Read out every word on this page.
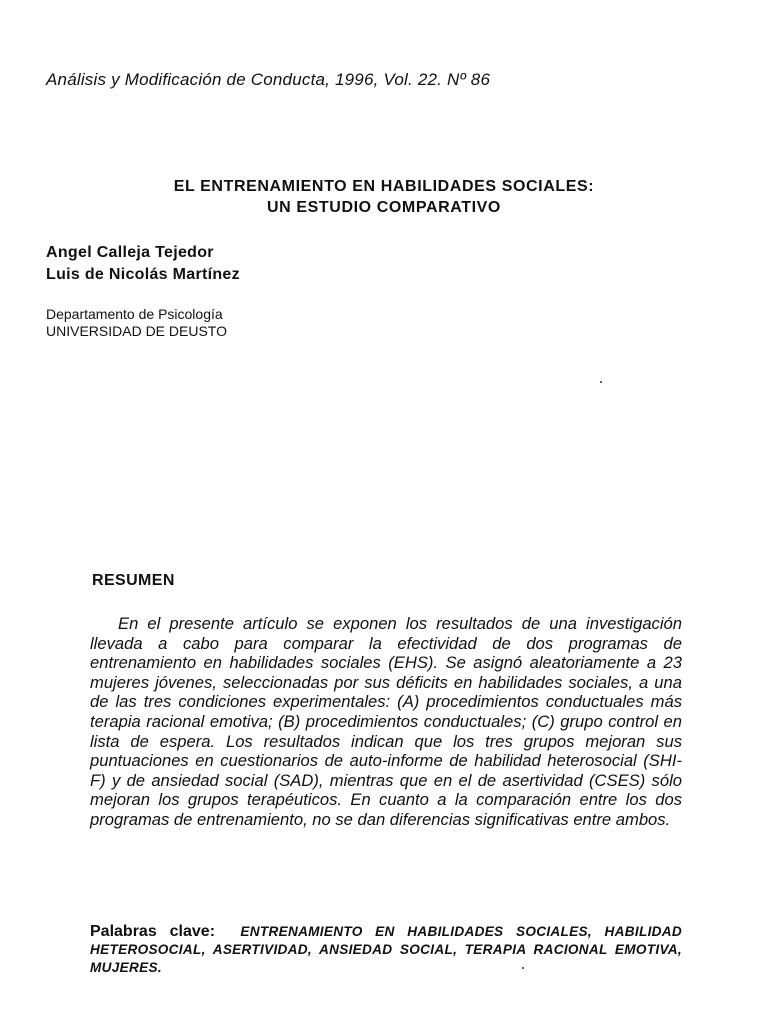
Análisis y Modificación de Conducta, 1996, Vol. 22. Nº 86
EL ENTRENAMIENTO EN HABILIDADES SOCIALES:
UN ESTUDIO COMPARATIVO
Angel Calleja Tejedor
Luis de Nicolás Martínez
Departamento de Psicología
UNIVERSIDAD DE DEUSTO
RESUMEN
En el presente artículo se exponen los resultados de una investigación llevada a cabo para comparar la efectividad de dos programas de entrenamiento en habilidades sociales (EHS). Se asignó aleatoriamente a 23 mujeres jóvenes, seleccionadas por sus déficits en habilidades sociales, a una de las tres condiciones experimentales: (A) procedimientos conductuales más terapia racional emotiva; (B) procedimientos conductuales; (C) grupo control en lista de espera. Los resultados indican que los tres grupos mejoran sus puntuaciones en cuestionarios de auto-informe de habilidad heterosocial (SHI-F) y de ansiedad social (SAD), mientras que en el de asertividad (CSES) sólo mejoran los grupos terapéuticos. En cuanto a la comparación entre los dos programas de entrenamiento, no se dan diferencias significativas entre ambos.
Palabras clave: ENTRENAMIENTO EN HABILIDADES SOCIALES, HABILIDAD HETEROSOCIAL, ASERTIVIDAD, ANSIEDAD SOCIAL, TERAPIA RACIONAL EMOTIVA, MUJERES.
